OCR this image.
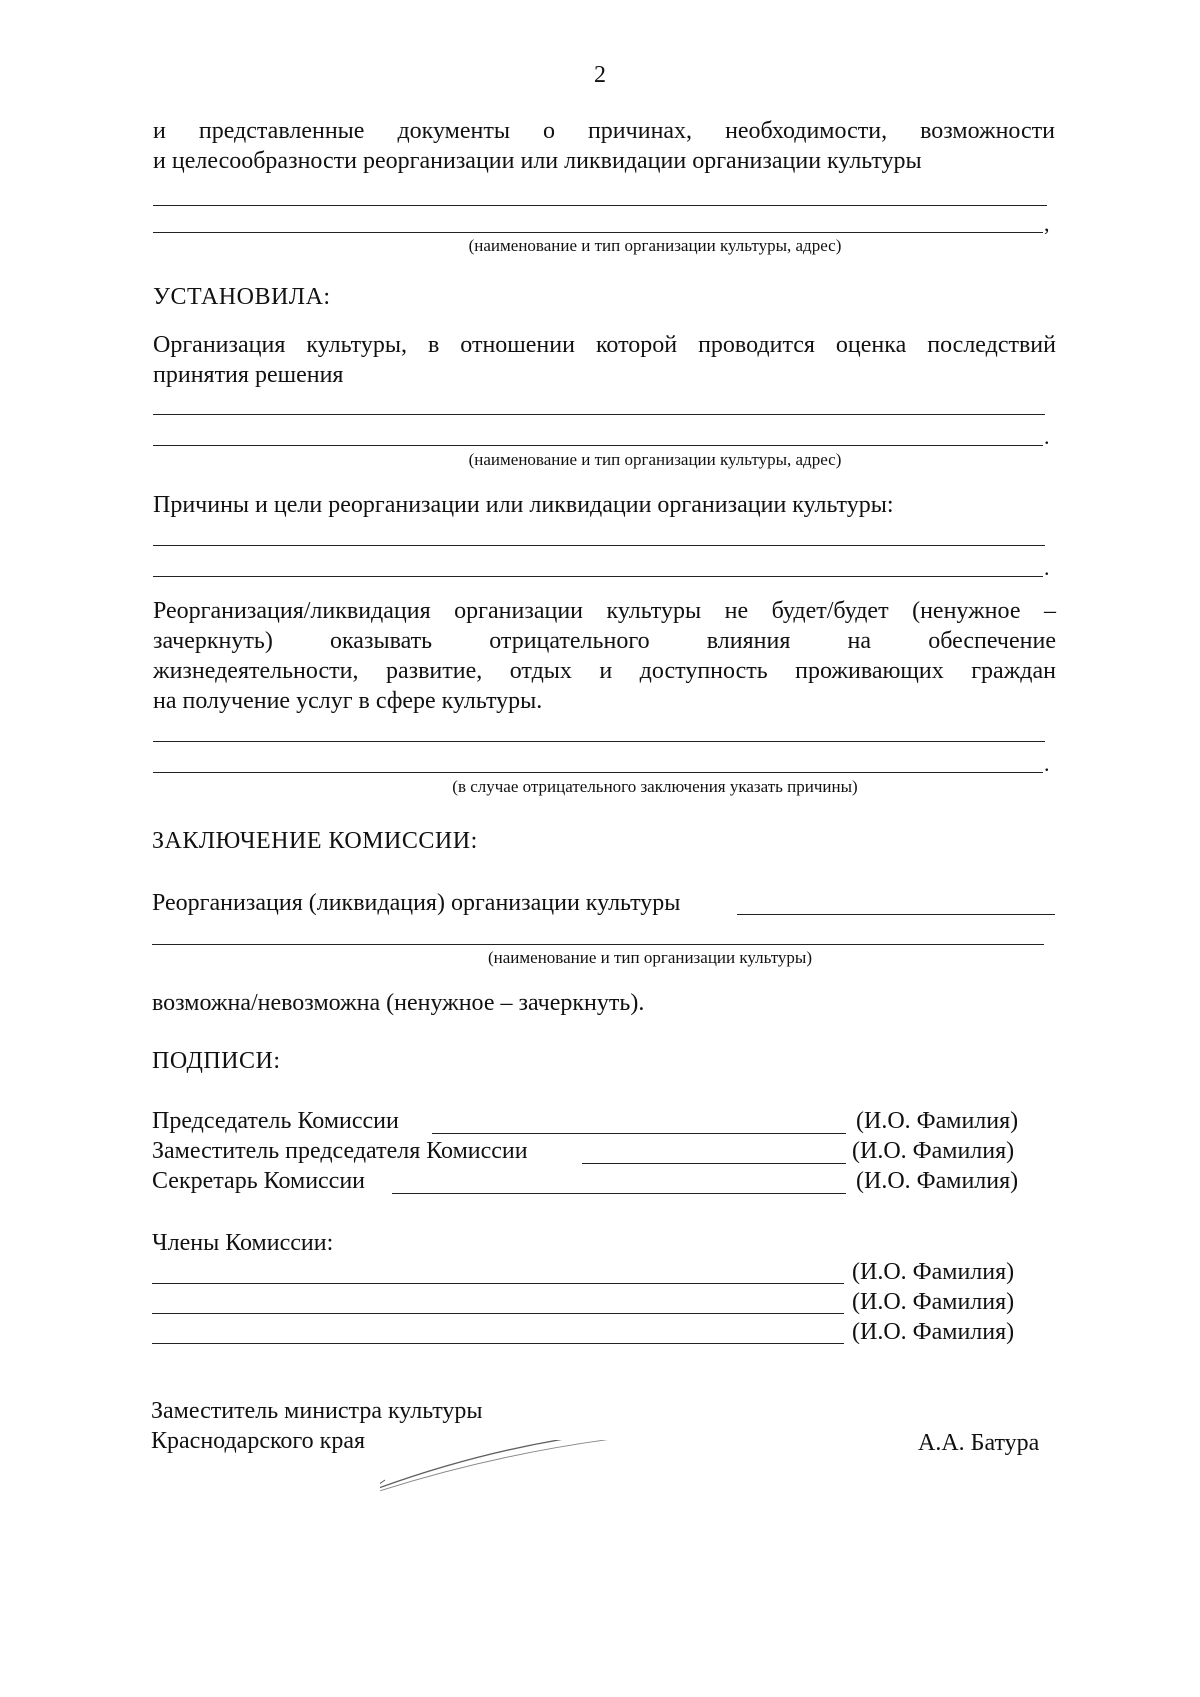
2
и представленные документы о причинах, необходимости, возможности
и целесообразности реорганизации или ликвидации организации культуры
,
(наименование и тип организации культуры, адрес)
УСТАНОВИЛА:
Организация культуры, в отношении которой проводится оценка последствий
принятия решения
.
(наименование и тип организации культуры, адрес)
Причины и цели реорганизации или ликвидации организации культуры:
.
Реорганизация/ликвидация организации культуры не будет/будет (ненужное –
зачеркнуть) оказывать отрицательного влияния на обеспечение
жизнедеятельности, развитие, отдых и доступность проживающих граждан
на получение услуг в сфере культуры.
.
(в случае отрицательного заключения указать причины)
ЗАКЛЮЧЕНИЕ КОМИССИИ:
Реорганизация (ликвидация) организации культуры
(наименование и тип организации культуры)
возможна/невозможна (ненужное – зачеркнуть).
ПОДПИСИ:
Председатель Комиссии	(И.О. Фамилия)
Заместитель председателя Комиссии	(И.О. Фамилия)
Секретарь Комиссии	(И.О. Фамилия)
Члены Комиссии:
(И.О. Фамилия)
(И.О. Фамилия)
(И.О. Фамилия)
Заместитель министра культуры
Краснодарского края	А.А. Батура
